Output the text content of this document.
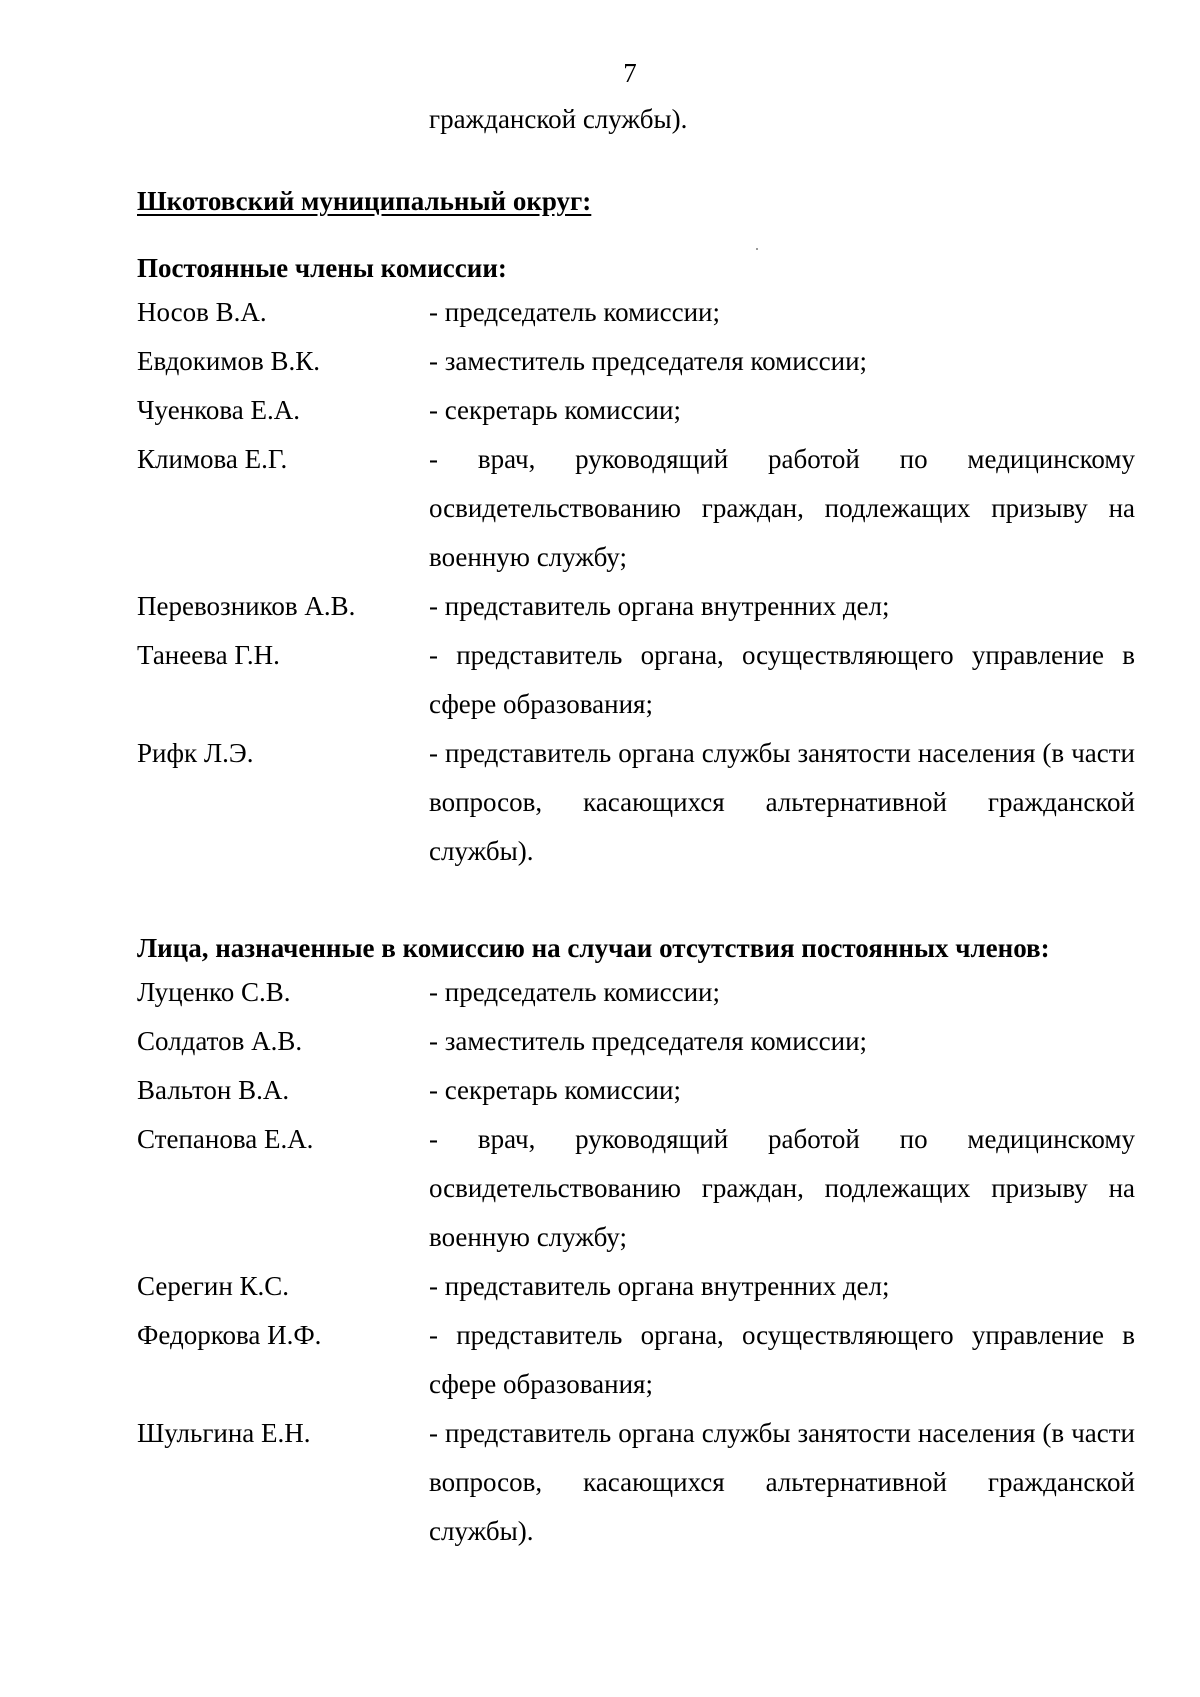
7
гражданской службы).
Шкотовский муниципальный округ:
Постоянные члены комиссии:
Носов В.А.	- председатель комиссии;
Евдокимов В.К.	- заместитель председателя комиссии;
Чуенкова Е.А.	- секретарь комиссии;
Климова Е.Г.	- врач, руководящий работой по медицинскому освидетельствованию граждан, подлежащих призыву на военную службу;
Перевозников А.В.	- представитель органа внутренних дел;
Танеева Г.Н.	- представитель органа, осуществляющего управление в сфере образования;
Рифк Л.Э.	- представитель органа службы занятости населения (в части вопросов, касающихся альтернативной гражданской службы).
Лица, назначенные в комиссию на случаи отсутствия постоянных членов:
Луценко С.В.	- председатель комиссии;
Солдатов А.В.	- заместитель председателя комиссии;
Вальтон В.А.	- секретарь комиссии;
Степанова Е.А.	- врач, руководящий работой по медицинскому освидетельствованию граждан, подлежащих призыву на военную службу;
Серегин К.С.	- представитель органа внутренних дел;
Федоркова И.Ф.	- представитель органа, осуществляющего управление в сфере образования;
Шульгина Е.Н.	- представитель органа службы занятости населения (в части вопросов, касающихся альтернативной гражданской службы).
